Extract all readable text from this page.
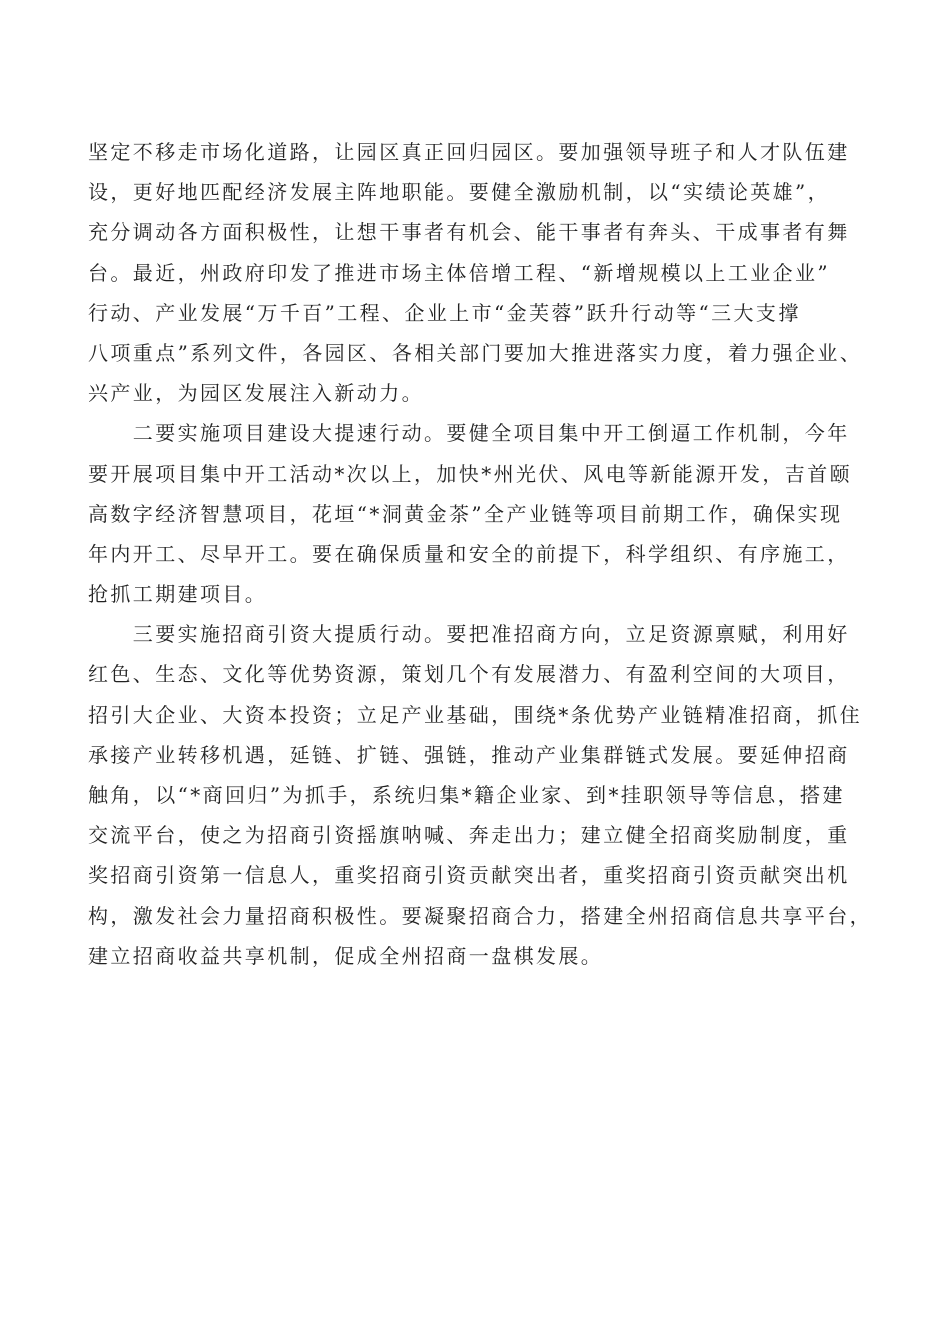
坚定不移走市场化道路，让园区真正回归园区。要加强领导班子和人才队伍建
设，更好地匹配经济发展主阵地职能。要健全激励机制，以“实绩论英雄”，
充分调动各方面积极性，让想干事者有机会、能干事者有奔头、干成事者有舞
台。最近，州政府印发了推进市场主体倍增工程、“新增规模以上工业企业”
行动、产业发展“万千百”工程、企业上市“金芙蓉”跃升行动等“三大支撑
八项重点”系列文件，各园区、各相关部门要加大推进落实力度，着力强企业、
兴产业，为园区发展注入新动力。
　　二要实施项目建设大提速行动。要健全项目集中开工倒逼工作机制，今年
要开展项目集中开工活动*次以上，加快*州光伏、风电等新能源开发，吉首颐
高数字经济智慧项目，花垣“*洞黄金茶”全产业链等项目前期工作，确保实现
年内开工、尽早开工。要在确保质量和安全的前提下，科学组织、有序施工，
抢抓工期建项目。
　　三要实施招商引资大提质行动。要把准招商方向，立足资源禀赋，利用好
红色、生态、文化等优势资源，策划几个有发展潜力、有盈利空间的大项目，
招引大企业、大资本投资；立足产业基础，围绕*条优势产业链精准招商，抓住
承接产业转移机遇，延链、扩链、强链，推动产业集群链式发展。要延伸招商
触角，以“*商回归”为抓手，系统归集*籍企业家、到*挂职领导等信息，搭建
交流平台，使之为招商引资摇旗呐喊、奔走出力；建立健全招商奖励制度，重
奖招商引资第一信息人，重奖招商引资贡献突出者，重奖招商引资贡献突出机
构，激发社会力量招商积极性。要凝聚招商合力，搭建全州招商信息共享平台，
建立招商收益共享机制，促成全州招商一盘棋发展。
